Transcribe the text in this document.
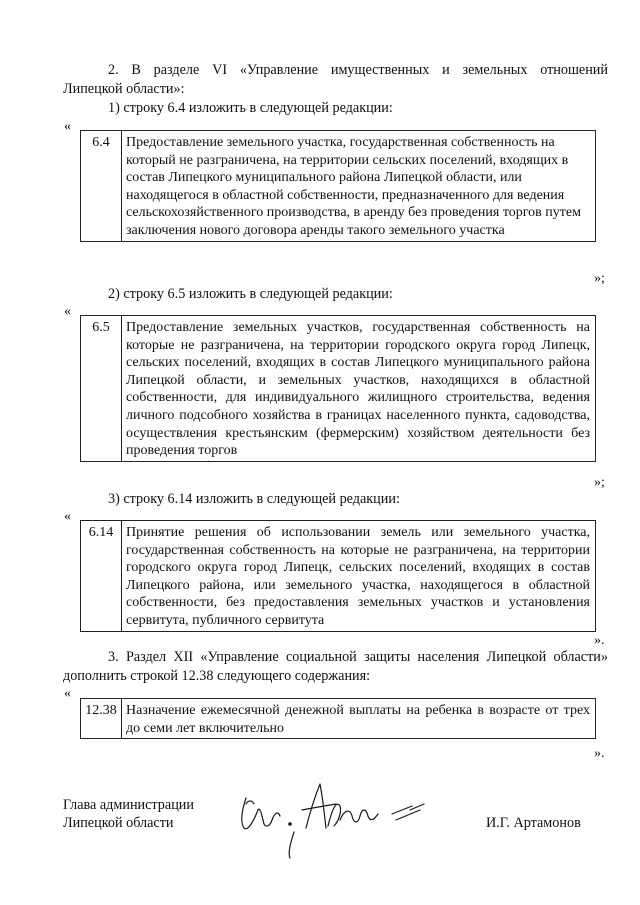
2. В разделе VI «Управление имущественных и земельных отношений
Липецкой области»:
1) строку 6.4 изложить в следующей редакции:
«
6.4	Предоставление земельного участка, государственная собственность на который не разграничена, на территории сельских поселений, входящих в состав Липецкого муниципального района Липецкой области, или находящегося в областной собственности, предназначенного для ведения сельскохозяйственного производства, в аренду без проведения торгов путем заключения нового договора аренды такого земельного участка
»;
2) строку 6.5 изложить в следующей редакции:
«
6.5	Предоставление земельных участков, государственная собственность на которые не разграничена, на территории городского округа город Липецк, сельских поселений, входящих в состав Липецкого муниципального района Липецкой области, и земельных участков, находящихся в областной собственности, для индивидуального жилищного строительства, ведения личного подсобного хозяйства в границах населенного пункта, садоводства, осуществления крестьянским (фермерским) хозяйством деятельности без проведения торгов
»;
3) строку 6.14 изложить в следующей редакции:
«
6.14	Принятие решения об использовании земель или земельного участка, государственная собственность на которые не разграничена, на территории городского округа город Липецк, сельских поселений, входящих в состав Липецкого района, или земельного участка, находящегося в областной собственности, без предоставления земельных участков и установления сервитута, публичного сервитута
».
3. Раздел XII «Управление социальной защиты населения Липецкой области»
дополнить строкой 12.38 следующего содержания:
«
12.38	Назначение ежемесячной денежной выплаты на ребенка в возрасте от трех до семи лет включительно
».
Глава администрации
Липецкой области	И.Г. Артамонов
